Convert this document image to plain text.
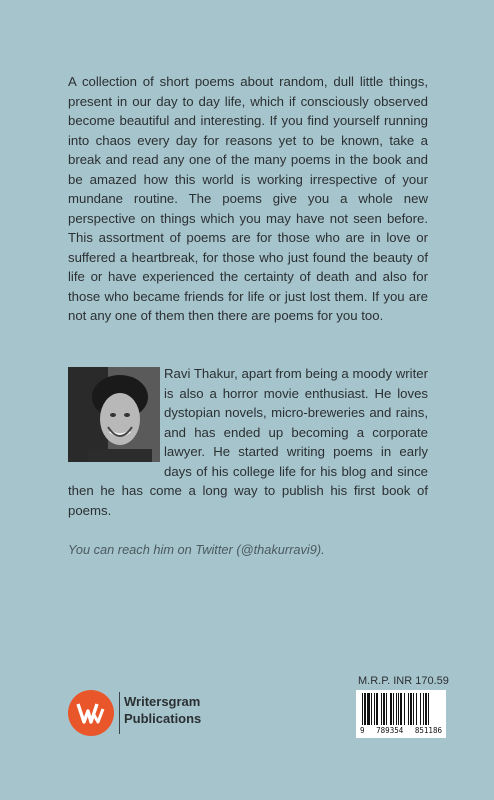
A collection of short poems about random, dull little things, present in our day to day life, which if consciously observed become beautiful and interesting. If you find yourself running into chaos every day for reasons yet to be known, take a break and read any one of the many poems in the book and be amazed how this world is working irrespective of your mundane routine. The poems give you a whole new perspective on things which you may have not seen before. This assortment of poems are for those who are in love or suffered a heartbreak, for those who just found the beauty of life or have experienced the certainty of death and also for those who became friends for life or just lost them. If you are not any one of them then there are poems for you too.

Ravi Thakur, apart from being a moody writer is also a horror movie enthusiast. He loves dystopian novels, micro-breweries and rains, and has ended up becoming a corporate lawyer. He started writing poems in early days of his college life for his blog and since then he has come a long way to publish his first book of poems.

You can reach him on Twitter (@thakurravi9).

Writersgram
Publications
M.R.P. INR 170.59
9 789354 851186
